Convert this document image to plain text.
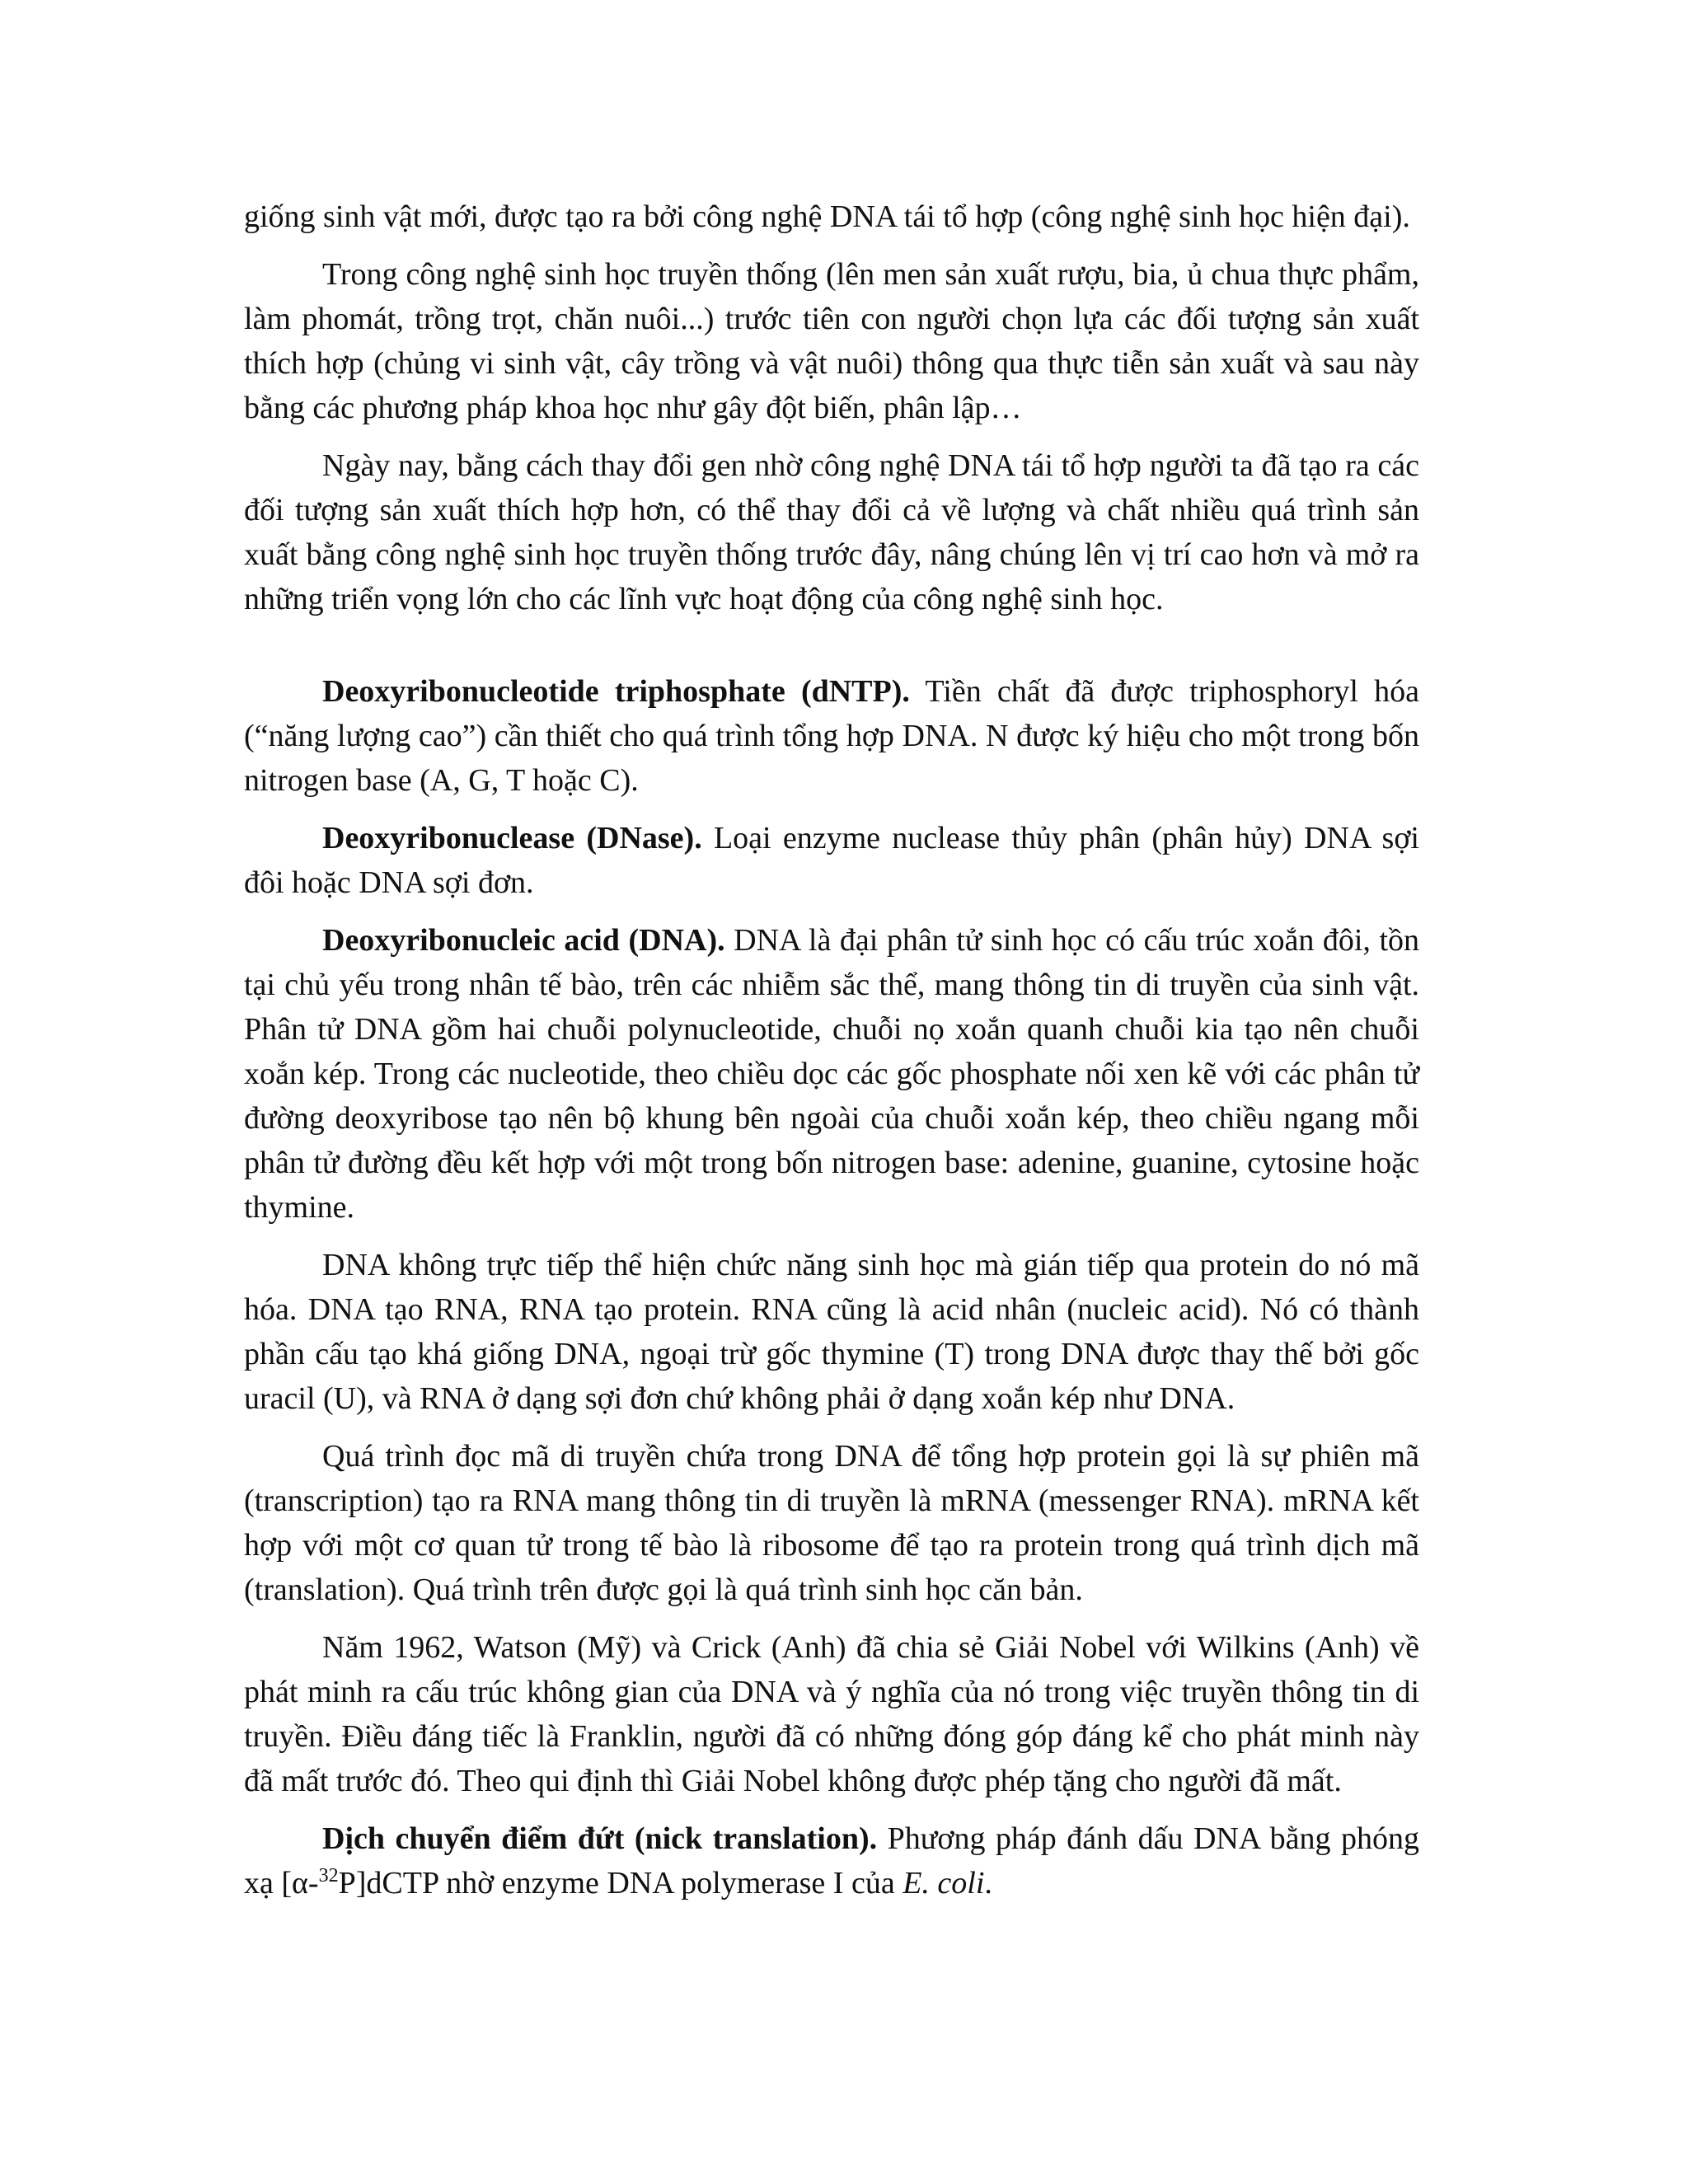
giống sinh vật mới, được tạo ra bởi công nghệ DNA tái tổ hợp (công nghệ sinh học hiện đại).

Trong công nghệ sinh học truyền thống (lên men sản xuất rượu, bia, ủ chua thực phẩm, làm phomát, trồng trọt, chăn nuôi...) trước tiên con người chọn lựa các đối tượng sản xuất thích hợp (chủng vi sinh vật, cây trồng và vật nuôi) thông qua thực tiễn sản xuất và sau này bằng các phương pháp khoa học như gây đột biến, phân lập…

Ngày nay, bằng cách thay đổi gen nhờ công nghệ DNA tái tổ hợp người ta đã tạo ra các đối tượng sản xuất thích hợp hơn, có thể thay đổi cả về lượng và chất nhiều quá trình sản xuất bằng công nghệ sinh học truyền thống trước đây, nâng chúng lên vị trí cao hơn và mở ra những triển vọng lớn cho các lĩnh vực hoạt động của công nghệ sinh học.

Deoxyribonucleotide triphosphate (dNTP). Tiền chất đã được triphosphoryl hóa (“năng lượng cao”) cần thiết cho quá trình tổng hợp DNA. N được ký hiệu cho một trong bốn nitrogen base (A, G, T hoặc C).

Deoxyribonuclease (DNase). Loại enzyme nuclease thủy phân (phân hủy) DNA sợi đôi hoặc DNA sợi đơn.

Deoxyribonucleic acid (DNA). DNA là đại phân tử sinh học có cấu trúc xoắn đôi, tồn tại chủ yếu trong nhân tế bào, trên các nhiễm sắc thể, mang thông tin di truyền của sinh vật. Phân tử DNA gồm hai chuỗi polynucleotide, chuỗi nọ xoắn quanh chuỗi kia tạo nên chuỗi xoắn kép. Trong các nucleotide, theo chiều dọc các gốc phosphate nối xen kẽ với các phân tử đường deoxyribose tạo nên bộ khung bên ngoài của chuỗi xoắn kép, theo chiều ngang mỗi phân tử đường đều kết hợp với một trong bốn nitrogen base: adenine, guanine, cytosine hoặc thymine.

DNA không trực tiếp thể hiện chức năng sinh học mà gián tiếp qua protein do nó mã hóa. DNA tạo RNA, RNA tạo protein. RNA cũng là acid nhân (nucleic acid). Nó có thành phần cấu tạo khá giống DNA, ngoại trừ gốc thymine (T) trong DNA được thay thế bởi gốc uracil (U), và RNA ở dạng sợi đơn chứ không phải ở dạng xoắn kép như DNA.

Quá trình đọc mã di truyền chứa trong DNA để tổng hợp protein gọi là sự phiên mã (transcription) tạo ra RNA mang thông tin di truyền là mRNA (messenger RNA). mRNA kết hợp với một cơ quan tử trong tế bào là ribosome để tạo ra protein trong quá trình dịch mã (translation). Quá trình trên được gọi là quá trình sinh học căn bản.

Năm 1962, Watson (Mỹ) và Crick (Anh) đã chia sẻ Giải Nobel với Wilkins (Anh) về phát minh ra cấu trúc không gian của DNA và ý nghĩa của nó trong việc truyền thông tin di truyền. Điều đáng tiếc là Franklin, người đã có những đóng góp đáng kể cho phát minh này đã mất trước đó. Theo qui định thì Giải Nobel không được phép tặng cho người đã mất.

Dịch chuyển điểm đứt (nick translation). Phương pháp đánh dấu DNA bằng phóng xạ [α-$^{32}$P]dCTP nhờ enzyme DNA polymerase I của E. coli.
